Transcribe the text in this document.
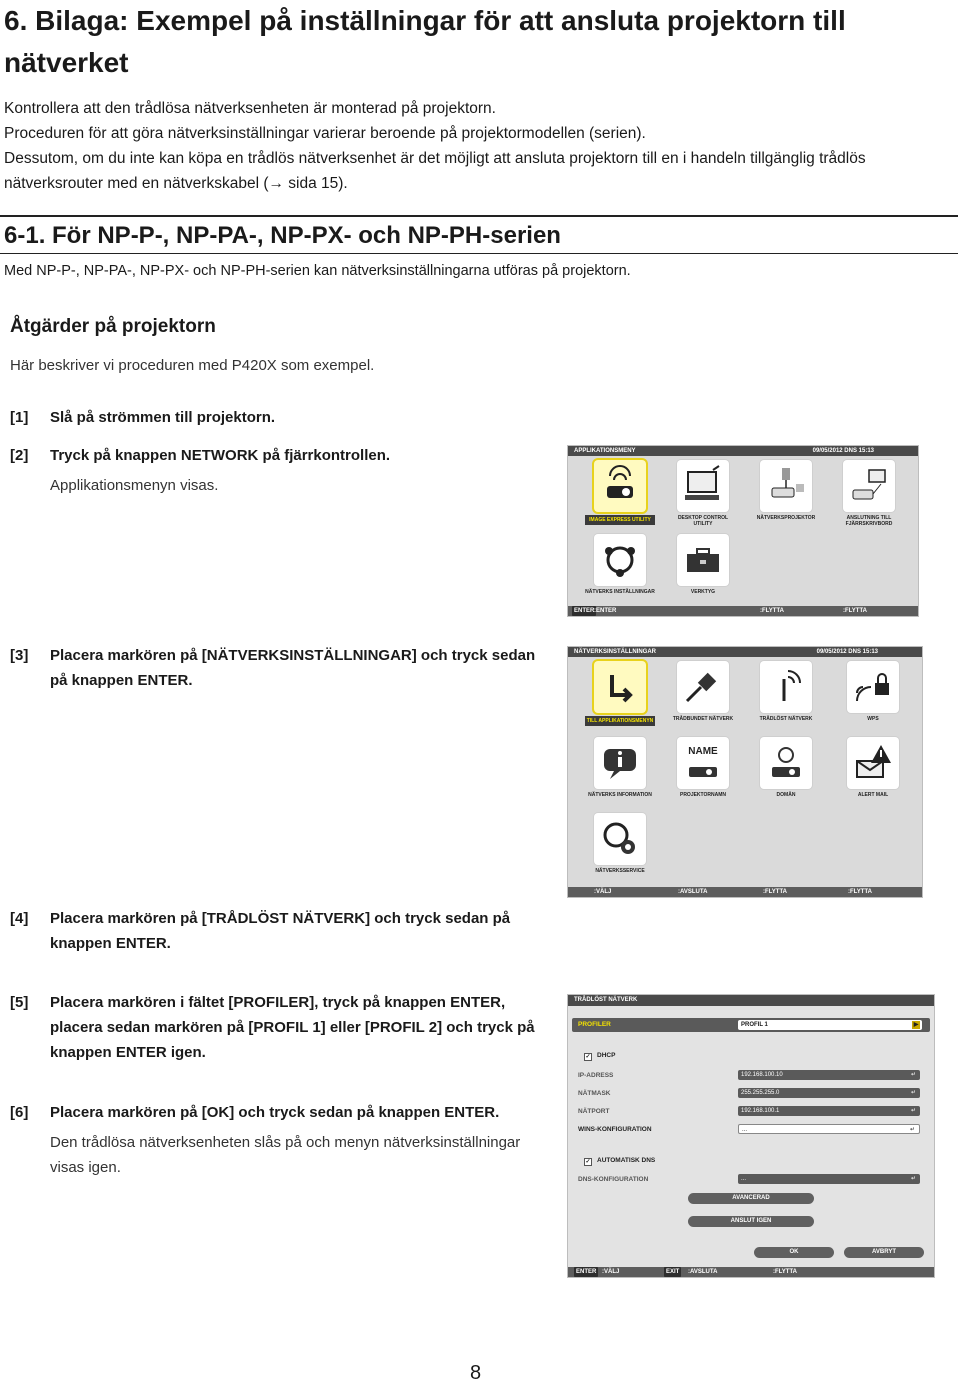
6. Bilaga: Exempel på inställningar för att ansluta projektorn till nätverket

Kontrollera att den trådlösa nätverksenheten är monterad på projektorn.

Proceduren för att göra nätverksinställningar varierar beroende på projektormodellen (serien).

Dessutom, om du inte kan köpa en trådlös nätverksenhet är det möjligt att ansluta projektorn till en i handeln tillgänglig trådlös nätverksrouter med en nätverkskabel (→ sida 15).

6-1. För NP-P-, NP-PA-, NP-PX- och NP-PH-serien
Med NP-P-, NP-PA-, NP-PX- och NP-PH-serien kan nätverksinställningarna utföras på projektorn.
Åtgärder på projektorn
Här beskriver vi proceduren med P420X som exempel.
[1] Slå på strömmen till projektorn.
[2] Tryck på knappen NETWORK på fjärrkontrollen.
Applikationsmenyn visas.
[3] Placera markören på [NÄTVERKSINSTÄLLNINGAR] och tryck sedan på knappen ENTER.
[4] Placera markören på [TRÅDLÖST NÄTVERK] och tryck sedan på knappen ENTER.
[5] Placera markören i fältet [PROFILER], tryck på knappen ENTER, placera sedan markören på [PROFIL 1] eller [PROFIL 2] och tryck på knappen ENTER igen.
[6] Placera markören på [OK] och tryck sedan på knappen ENTER.
Den trådlösa nätverksenheten slås på och menyn nätverksinställningar visas igen.
APPLIKATIONSMENY	09/05/2012 DNS 15:13
IMAGE EXPRESS UTILITY	DESKTOP CONTROL UTILITY
NÄTVERKSPROJEKTOR	ANSLUTNING TILL FJÄRRSKRIVBORD
NÄTVERKS INSTÄLLNINGAR	VERKTYG
ENTER :ENTER	:FLYTTA	:FLYTTA
NÄTVERKSINSTÄLLNINGAR	09/05/2012 DNS 15:13
TILL APPLIKATIONSMENYN	TRÅDBUNDET NÄTVERK	TRÅDLÖST NÄTVERK	WPS
NÄTVERKS INFORMATION
NAME
PROJEKTORNAMN	DOMÄN	ALERT MAIL
NÄTVERKSSERVICE
:VÄLJ	:AVSLUTA	:FLYTTA	:FLYTTA
TRÅDLÖST NÄTVERK
PROFILER	PROFIL 1	▶
✓ DHCP
IP-ADRESS	192.168.100.10	↵
NÄTMASK	255.255.255.0	↵
NÄTPORT	192.168.100.1	↵
WINS-KONFIGURATION	...	↵
✓ AUTOMATISK DNS
DNS-KONFIGURATION	...	↵
AVANCERAD
ANSLUT IGEN
OK	AVBRYT
ENTER :VÄLJ	EXIT	:AVSLUTA	:FLYTTA
8
